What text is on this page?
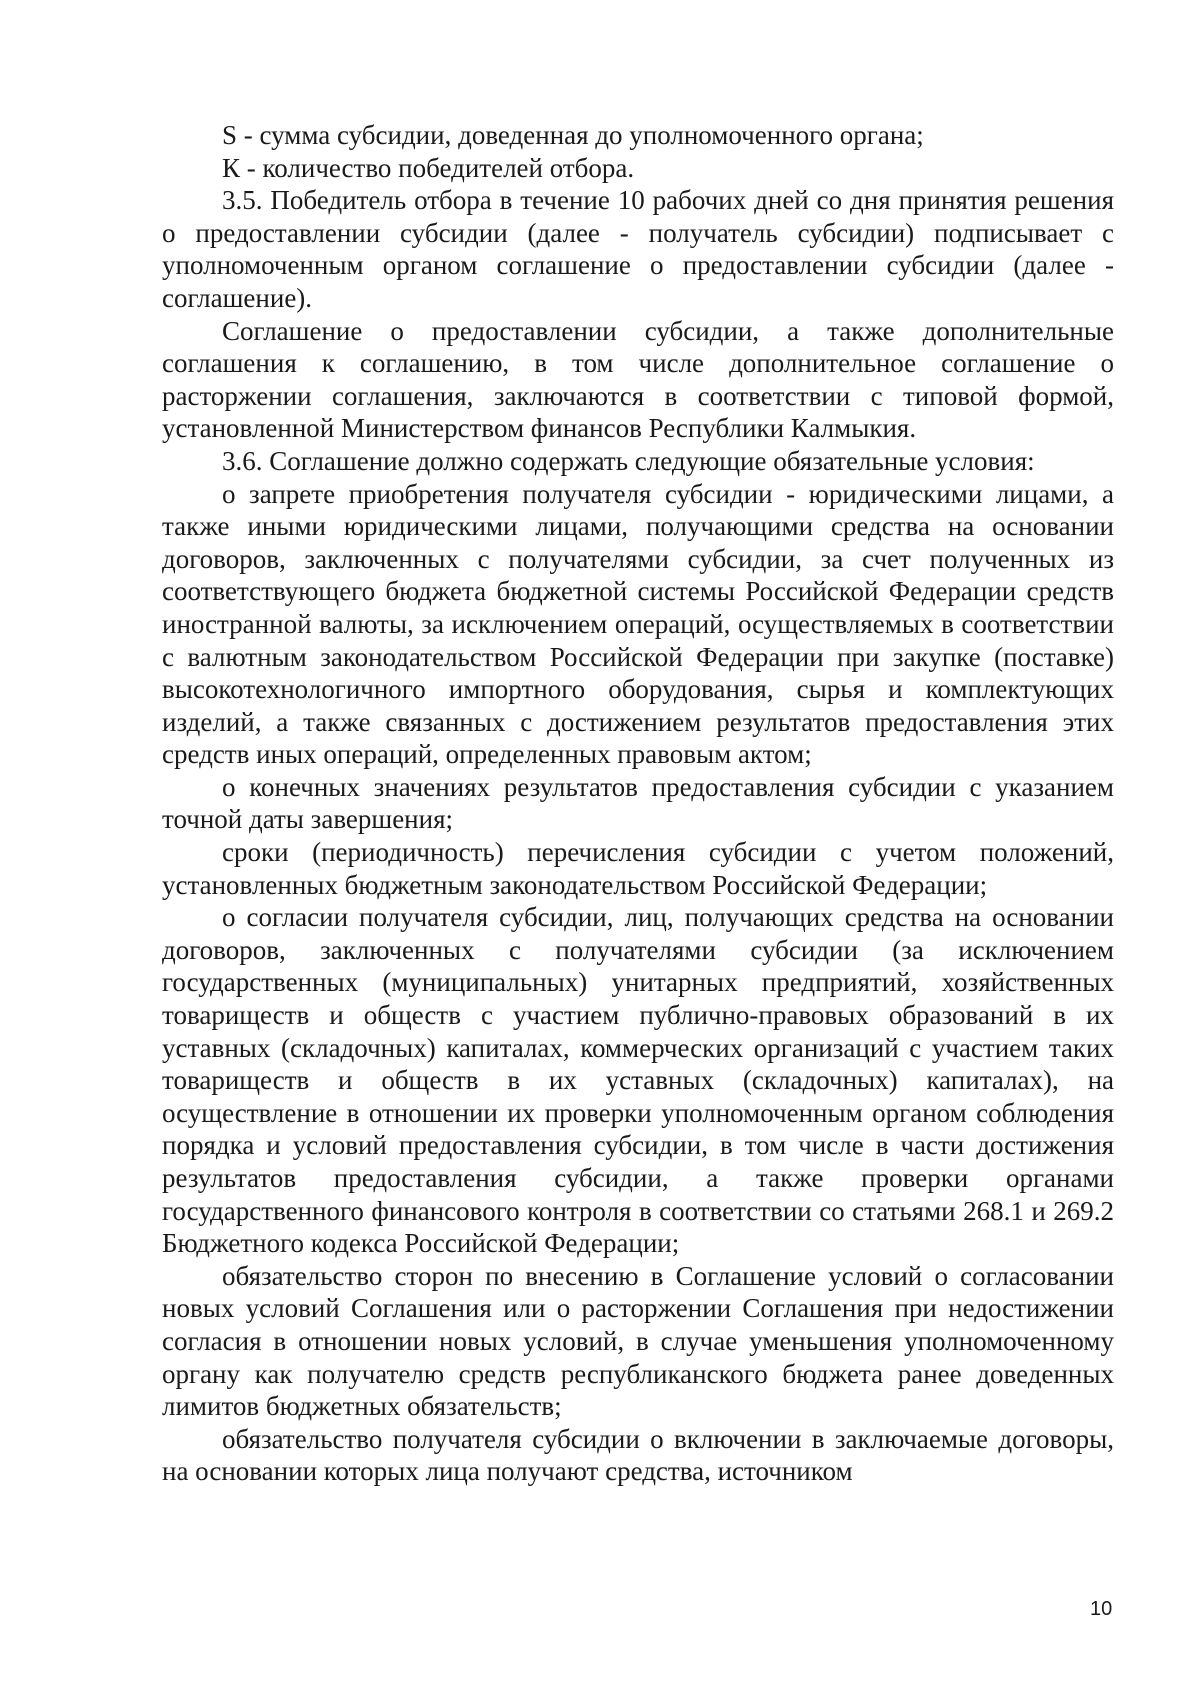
S - сумма субсидии, доведенная до уполномоченного органа;

К - количество победителей отбора.

3.5. Победитель отбора в течение 10 рабочих дней со дня принятия решения о предоставлении субсидии (далее - получатель субсидии) подписывает с уполномоченным органом соглашение о предоставлении субсидии (далее - соглашение).

Соглашение о предоставлении субсидии, а также дополнительные соглашения к соглашению, в том числе дополнительное соглашение о расторжении соглашения, заключаются в соответствии с типовой формой, установленной Министерством финансов Республики Калмыкия.

3.6. Соглашение должно содержать следующие обязательные условия:

о запрете приобретения получателя субсидии - юридическими лицами, а также иными юридическими лицами, получающими средства на основании договоров, заключенных с получателями субсидии, за счет полученных из соответствующего бюджета бюджетной системы Российской Федерации средств иностранной валюты, за исключением операций, осуществляемых в соответствии с валютным законодательством Российской Федерации при закупке (поставке) высокотехнологичного импортного оборудования, сырья и комплектующих изделий, а также связанных с достижением результатов предоставления этих средств иных операций, определенных правовым актом;

о конечных значениях результатов предоставления субсидии с указанием точной даты завершения;

сроки (периодичность) перечисления субсидии с учетом положений, установленных бюджетным законодательством Российской Федерации;

о согласии получателя субсидии, лиц, получающих средства на основании договоров, заключенных с получателями субсидии (за исключением государственных (муниципальных) унитарных предприятий, хозяйственных товариществ и обществ с участием публично-правовых образований в их уставных (складочных) капиталах, коммерческих организаций с участием таких товариществ и обществ в их уставных (складочных) капиталах), на осуществление в отношении их проверки уполномоченным органом соблюдения порядка и условий предоставления субсидии, в том числе в части достижения результатов предоставления субсидии, а также проверки органами государственного финансового контроля в соответствии со статьями 268.1 и 269.2 Бюджетного кодекса Российской Федерации;

обязательство сторон по внесению в Соглашение условий о согласовании новых условий Соглашения или о расторжении Соглашения при недостижении согласия в отношении новых условий, в случае уменьшения уполномоченному органу как получателю средств республиканского бюджета ранее доведенных лимитов бюджетных обязательств;

обязательство получателя субсидии о включении в заключаемые договоры, на основании которых лица получают средства, источником

10
